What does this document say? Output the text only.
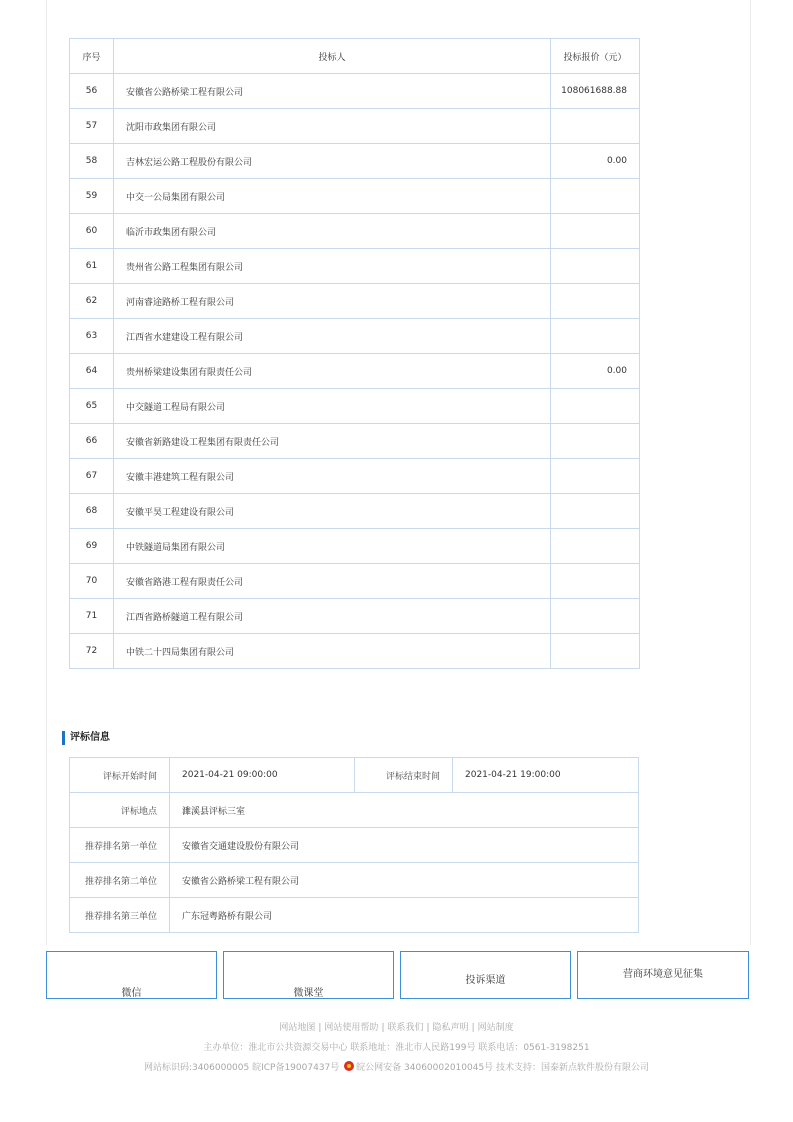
序号	投标人	投标报价（元）
56	安徽省公路桥梁工程有限公司	108061688.88
57	沈阳市政集团有限公司	
58	吉林宏运公路工程股份有限公司	0.00
59	中交一公局集团有限公司	
60	临沂市政集团有限公司	
61	贵州省公路工程集团有限公司	
62	河南睿途路桥工程有限公司	
63	江西省水建建设工程有限公司	
64	贵州桥梁建设集团有限责任公司	0.00
65	中交隧道工程局有限公司	
66	安徽省新路建设工程集团有限责任公司	
67	安徽丰港建筑工程有限公司	
68	安徽平昊工程建设有限公司	
69	中铁隧道局集团有限公司	
70	安徽省路港工程有限责任公司	
71	江西省路桥隧道工程有限公司	
72	中铁二十四局集团有限公司	
评标信息
评标开始时间	2021-04-21 09:00:00	评标结束时间	2021-04-21 19:00:00
评标地点	濉溪县评标三室		
推荐排名第一单位	安徽省交通建设股份有限公司		
推荐排名第二单位	安徽省公路桥梁工程有限公司		
推荐排名第三单位	广东冠粤路桥有限公司		
微信	微课堂
投诉渠道
营商环境意见征集
网站地图 | 网站使用帮助 | 联系我们 | 隐私声明 | 网站制度
主办单位：淮北市公共资源交易中心 联系地址：淮北市人民路199号 联系电话：0561-3198251
网站标识码:3406000005 皖ICP备19007437号 皖公网安备 34060002010045号 技术支持：国泰新点软件股份有限公司
